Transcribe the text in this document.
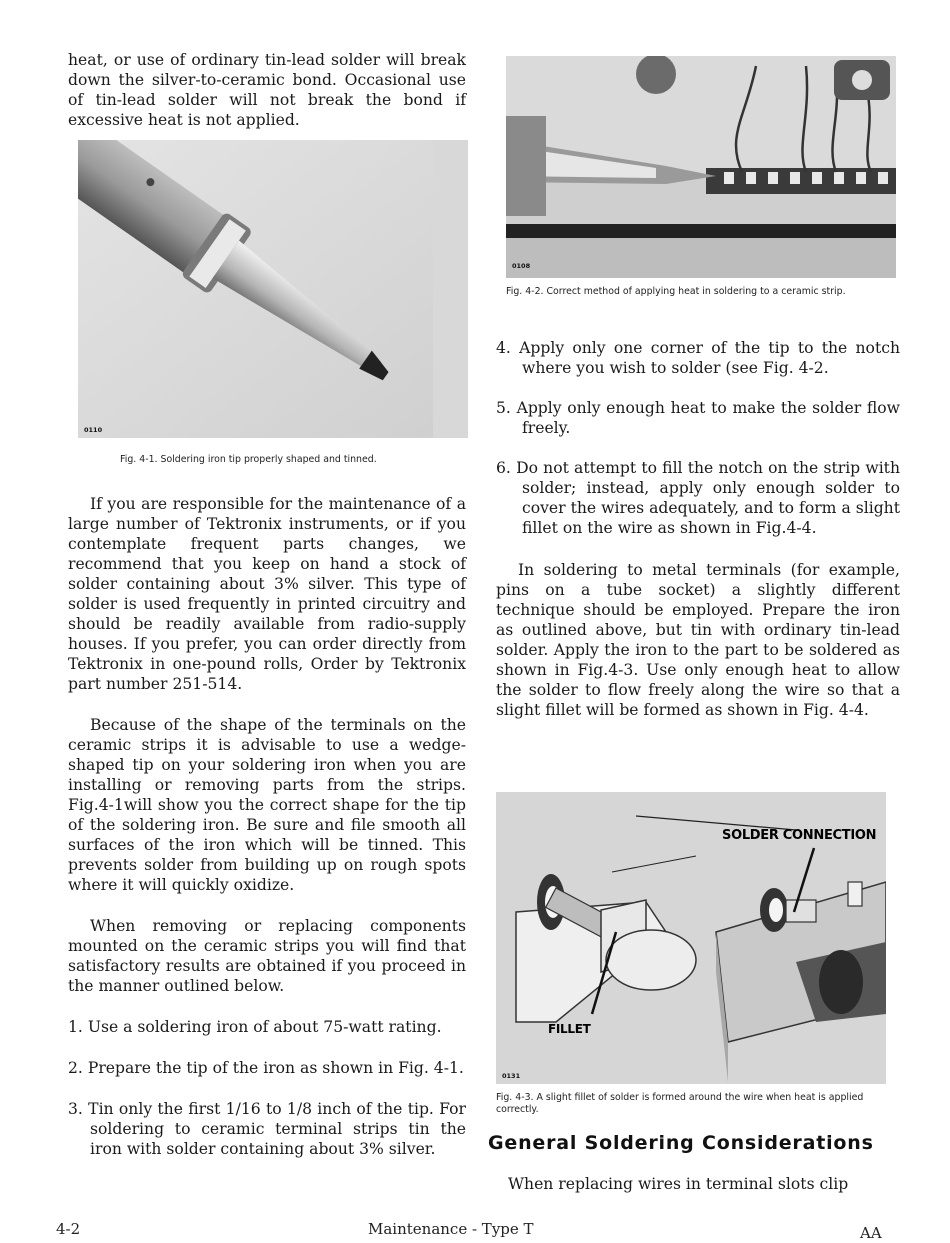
heat, or use of ordinary tin-lead solder will break down the silver-to-ceramic bond. Occasional use of tin-lead solder will not break the bond if excessive heat is not applied.

0110
Fig. 4-1. Soldering iron tip properly shaped and tinned.

If you are responsible for the maintenance of a large number of Tektronix instruments, or if you contemplate frequent parts changes, we recommend that you keep on hand a stock of solder containing about 3% silver. This type of solder is used frequently in printed circuitry and should be readily available from radio-supply houses. If you prefer, you can order directly from Tektronix in one-pound rolls, Order by Tektronix part number 251-514.

Because of the shape of the terminals on the ceramic strips it is advisable to use a wedge-shaped tip on your soldering iron when you are installing or removing parts from the strips. Fig.4-1will show you the correct shape for the tip of the soldering iron. Be sure and file smooth all surfaces of the iron which will be tinned. This prevents solder from building up on rough spots where it will quickly oxidize.

When removing or replacing components mounted on the ceramic strips you will find that satisfactory results are obtained if you proceed in the manner outlined below.

1. Use a soldering iron of about 75-watt rating.

2. Prepare the tip of the iron as shown in Fig. 4-1.

3. Tin only the first 1/16 to 1/8 inch of the tip. For soldering to ceramic terminal strips tin the iron with solder containing about 3% silver.

0108
Fig. 4-2. Correct method of applying heat in soldering to a ceramic strip.

4. Apply only one corner of the tip to the notch where you wish to solder (see Fig. 4-2.

5. Apply only enough heat to make the solder flow freely.

6. Do not attempt to fill the notch on the strip with solder; instead, apply only enough solder to cover the wires adequately, and to form a slight fillet on the wire as shown in Fig.4-4.

In soldering to metal terminals (for example, pins on a tube socket) a slightly different technique should be employed. Prepare the iron as outlined above, but tin with ordinary tin-lead solder. Apply the iron to the part to be soldered as shown in Fig.4-3. Use only enough heat to allow the solder to flow freely along the wire so that a slight fillet will be formed as shown in Fig. 4-4.

SOLDER CONNECTION
FILLET
0131
Fig. 4-3. A slight fillet of solder is formed around the wire when heat is applied correctly.
General Soldering Considerations

When replacing wires in terminal slots clip

4-2	Maintenance - Type T	AA
